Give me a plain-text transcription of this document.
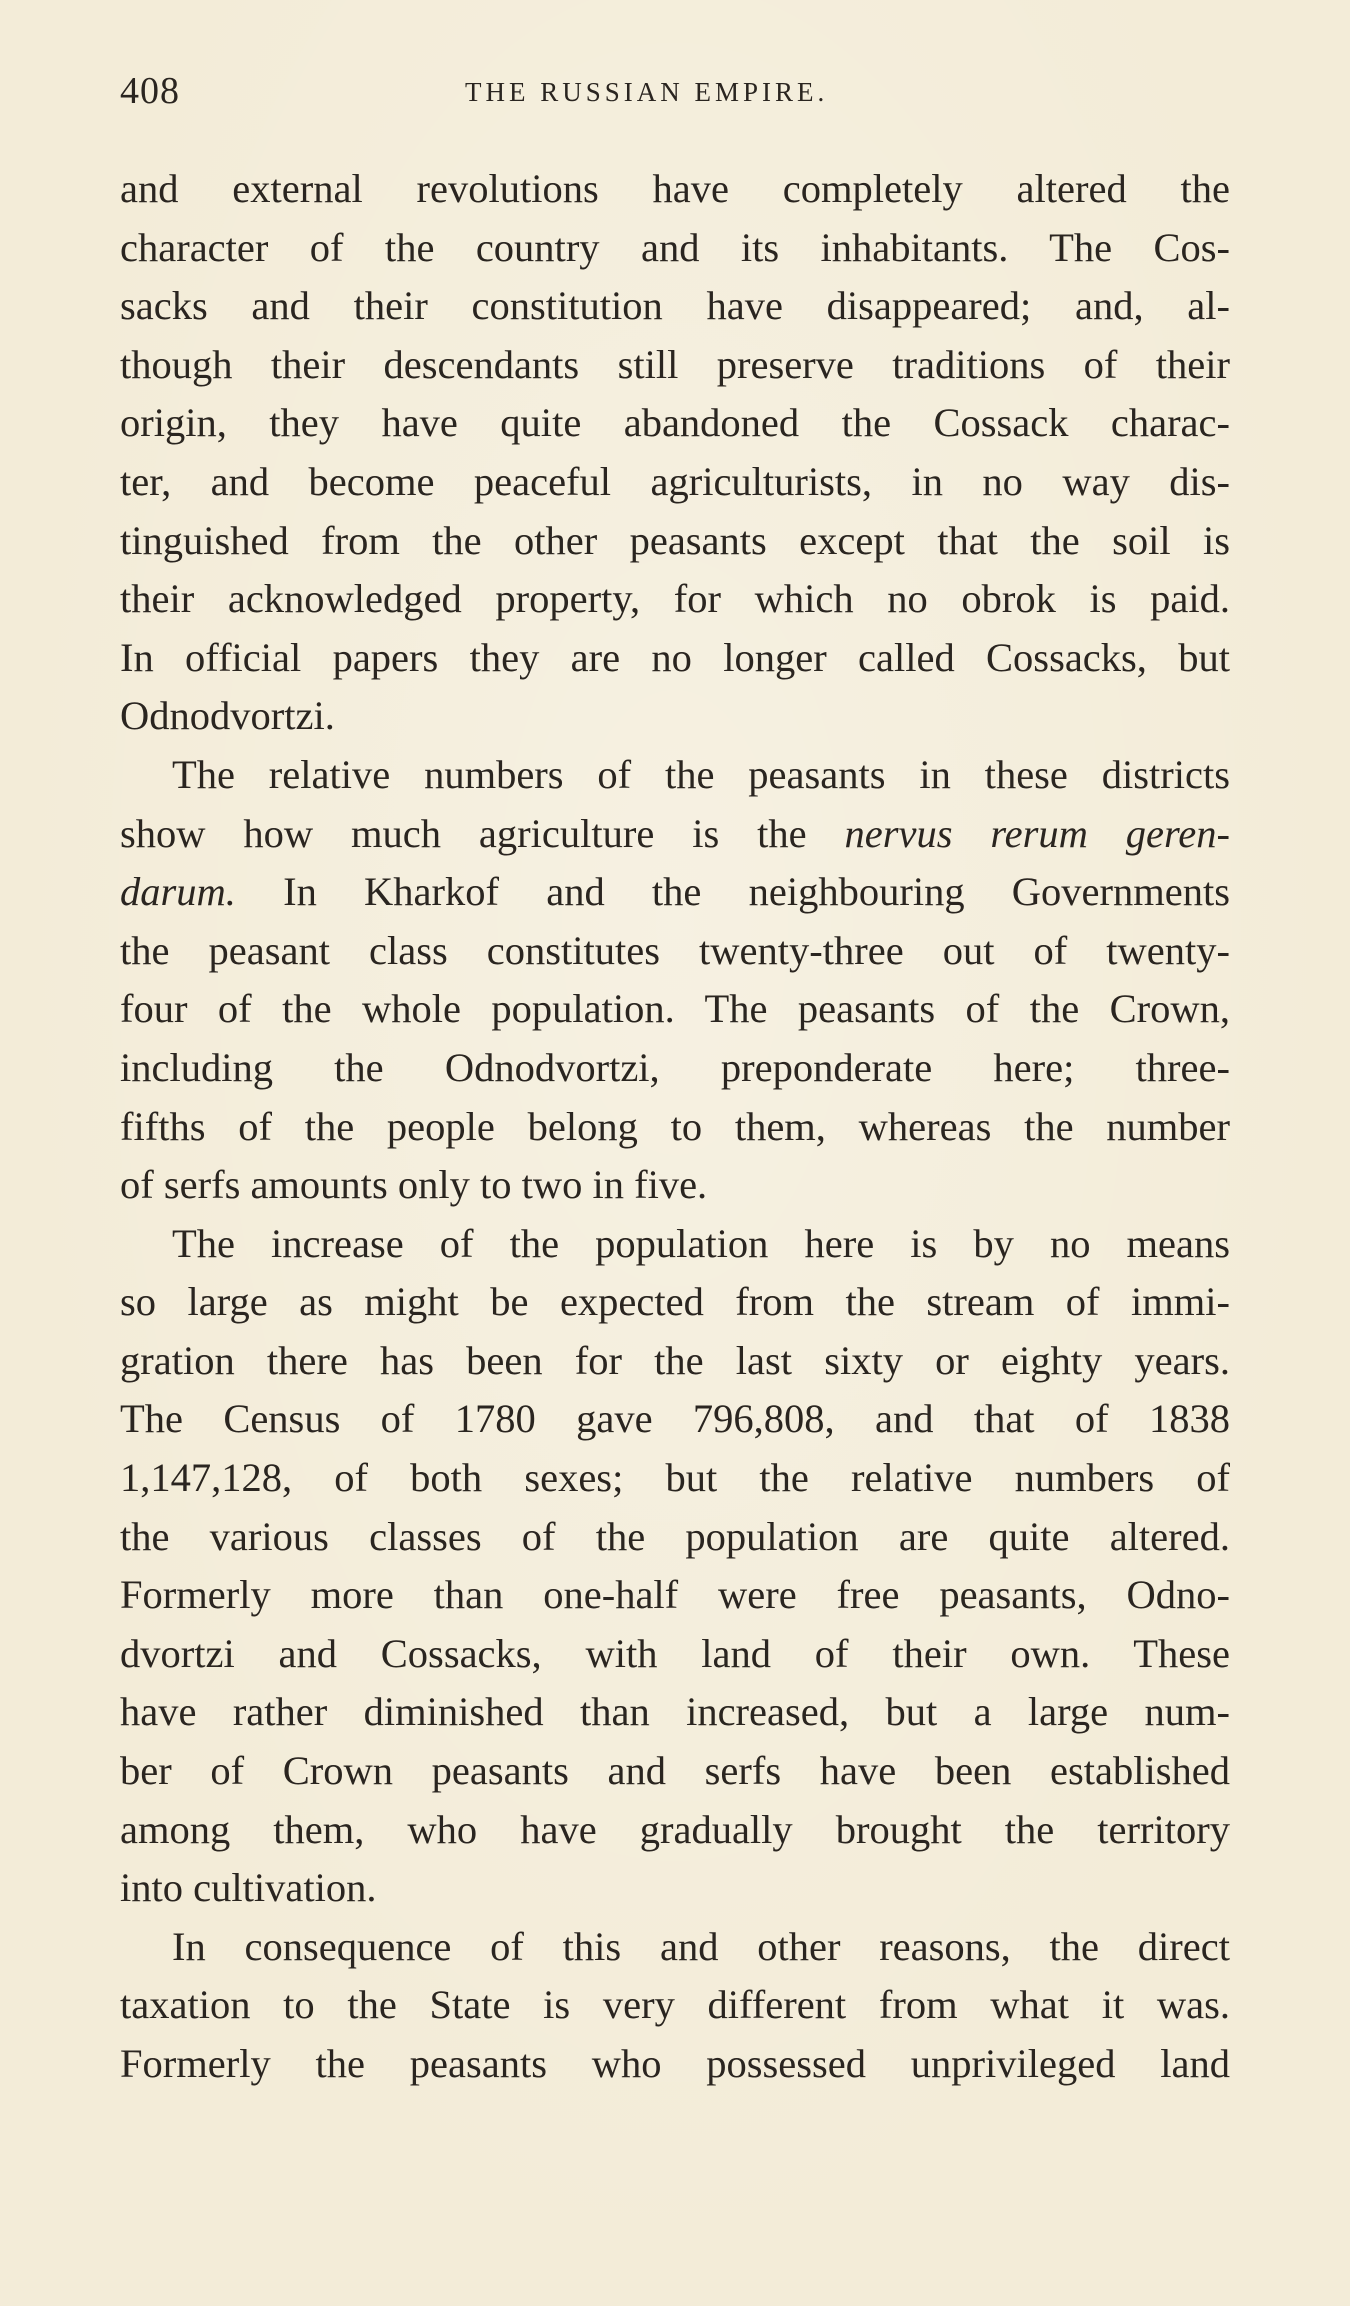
408	THE RUSSIAN EMPIRE.
and external revolutions have completely altered the
character of the country and its inhabitants. The Cos-
sacks and their constitution have disappeared; and, al-
though their descendants still preserve traditions of their
origin, they have quite abandoned the Cossack charac-
ter, and become peaceful agriculturists, in no way dis-
tinguished from the other peasants except that the soil is
their acknowledged property, for which no obrok is paid.
In official papers they are no longer called Cossacks, but
Odnodvortzi.
The relative numbers of the peasants in these districts
show how much agriculture is the nervus rerum geren-
darum. In Kharkof and the neighbouring Governments
the peasant class constitutes twenty-three out of twenty-
four of the whole population. The peasants of the Crown,
including the Odnodvortzi, preponderate here; three-
fifths of the people belong to them, whereas the number
of serfs amounts only to two in five.
The increase of the population here is by no means
so large as might be expected from the stream of immi-
gration there has been for the last sixty or eighty years.
The Census of 1780 gave 796,808, and that of 1838
1,147,128, of both sexes; but the relative numbers of
the various classes of the population are quite altered.
Formerly more than one-half were free peasants, Odno-
dvortzi and Cossacks, with land of their own. These
have rather diminished than increased, but a large num-
ber of Crown peasants and serfs have been established
among them, who have gradually brought the territory
into cultivation.
In consequence of this and other reasons, the direct
taxation to the State is very different from what it was.
Formerly the peasants who possessed unprivileged land
